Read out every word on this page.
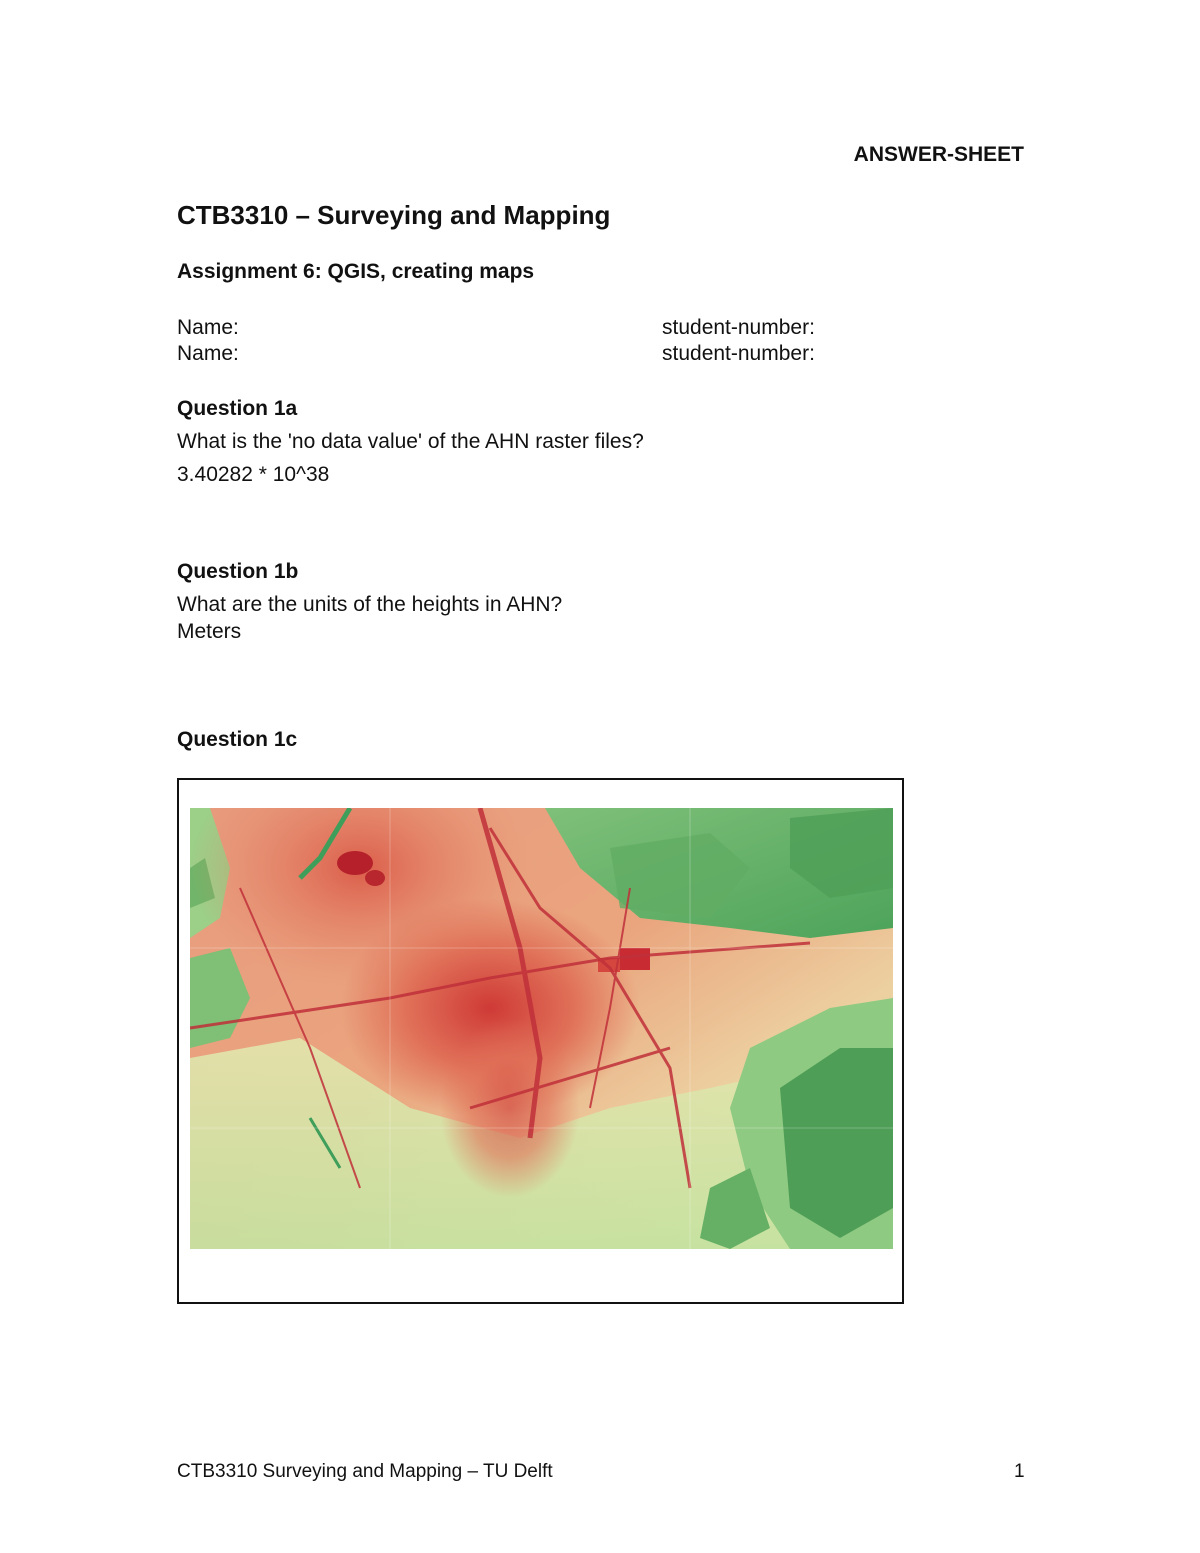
ANSWER-SHEET
CTB3310 – Surveying and Mapping
Assignment 6: QGIS, creating maps
Name:	student-number:
Name:	student-number:
Question 1a
What is the 'no data value' of the AHN raster files?
3.40282 * 10^38
Question 1b
What are the units of the heights in AHN?
Meters
Question 1c
CTB3310 Surveying and Mapping – TU Delft	1
